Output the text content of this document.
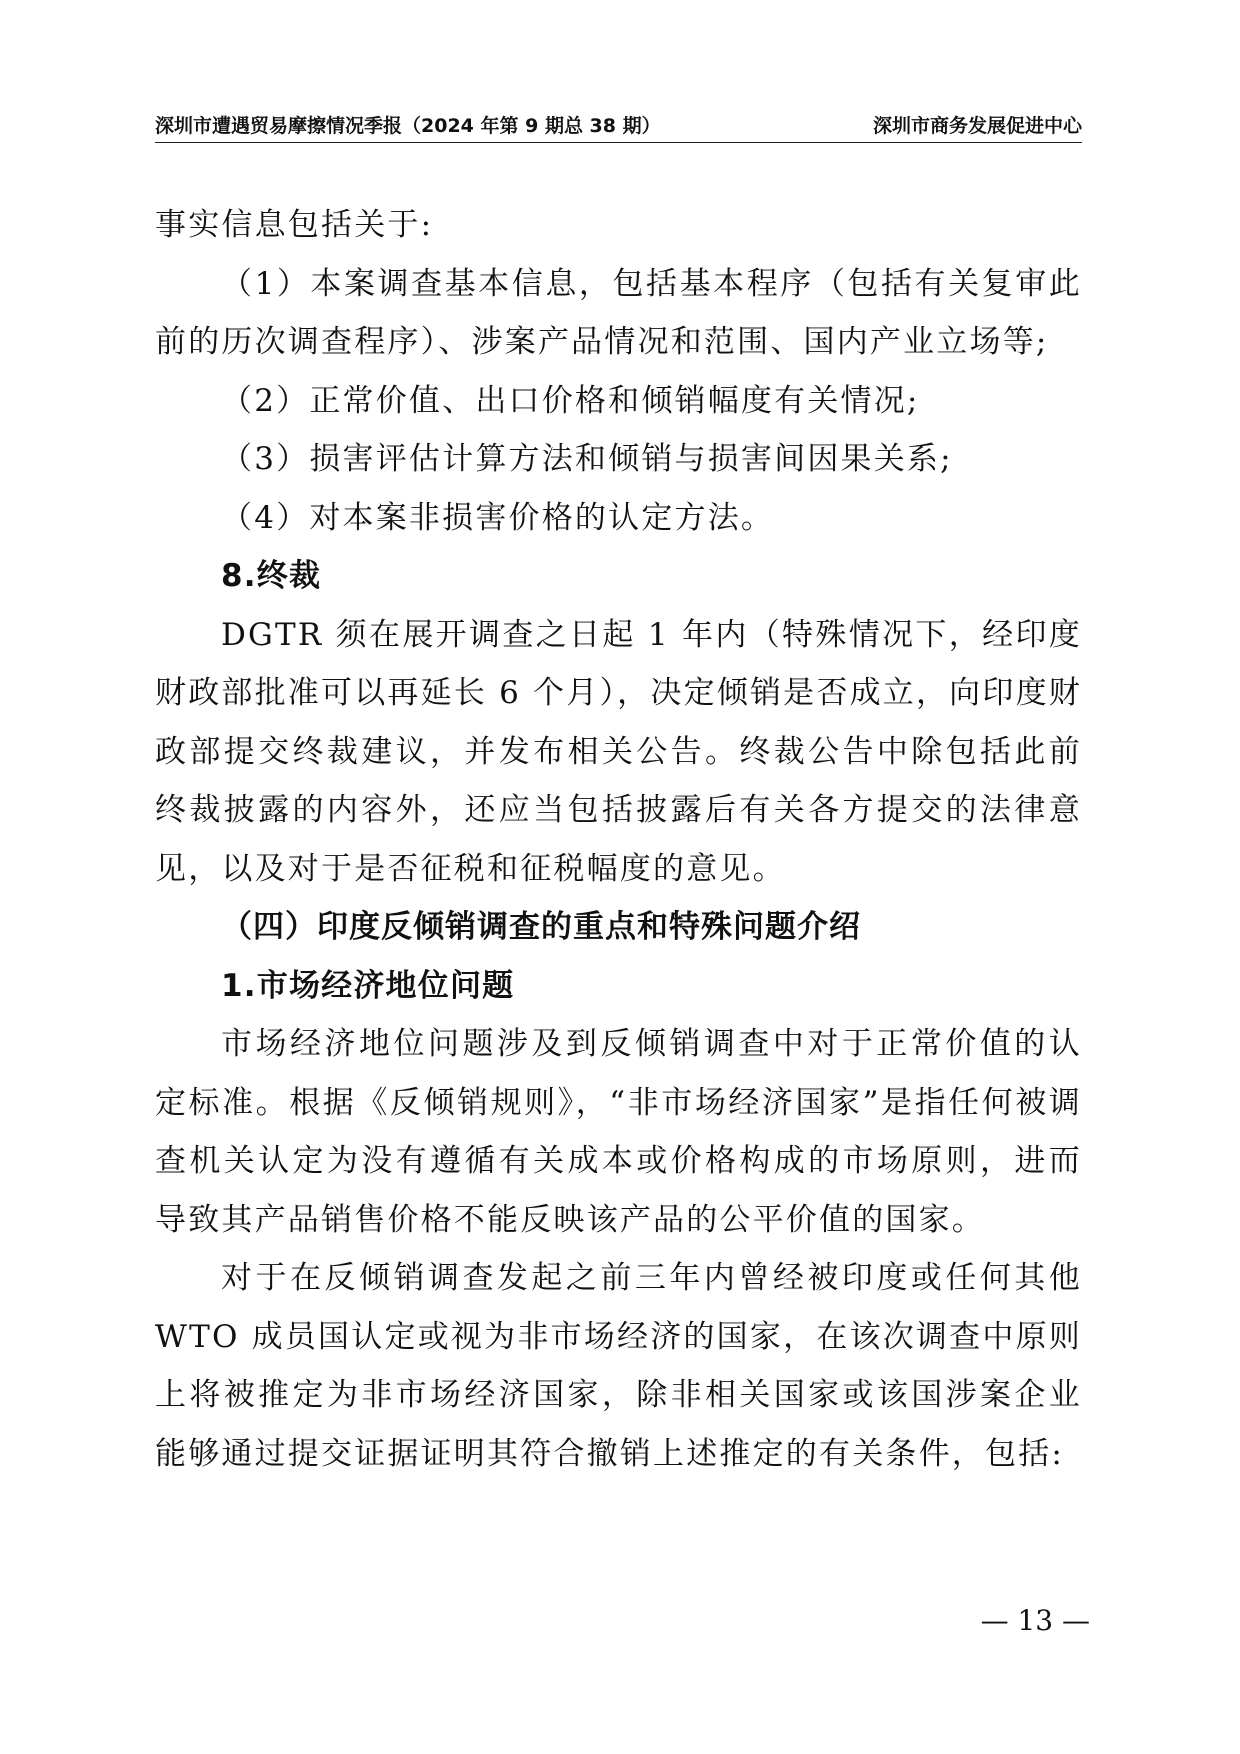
深圳市遭遇贸易摩擦情况季报（2024 年第 9 期总 38 期）	深圳市商务发展促进中心

事实信息包括关于:

（1）本案调查基本信息，包括基本程序（包括有关复审此前的历次调查程序）、涉案产品情况和范围、国内产业立场等;

（2）正常价值、出口价格和倾销幅度有关情况;

（3）损害评估计算方法和倾销与损害间因果关系;

（4）对本案非损害价格的认定方法。

8.终裁

DGTR 须在展开调查之日起 1 年内（特殊情况下，经印度财政部批准可以再延长 6 个月），决定倾销是否成立，向印度财政部提交终裁建议，并发布相关公告。终裁公告中除包括此前终裁披露的内容外，还应当包括披露后有关各方提交的法律意见，以及对于是否征税和征税幅度的意见。

（四）印度反倾销调查的重点和特殊问题介绍

1.市场经济地位问题

市场经济地位问题涉及到反倾销调查中对于正常价值的认定标准。根据《反倾销规则》，“非市场经济国家”是指任何被调查机关认定为没有遵循有关成本或价格构成的市场原则，进而导致其产品销售价格不能反映该产品的公平价值的国家。

对于在反倾销调查发起之前三年内曾经被印度或任何其他 WTO 成员国认定或视为非市场经济的国家，在该次调查中原则上将被推定为非市场经济国家，除非相关国家或该国涉案企业能够通过提交证据证明其符合撤销上述推定的有关条件，包括:

— 13 —
